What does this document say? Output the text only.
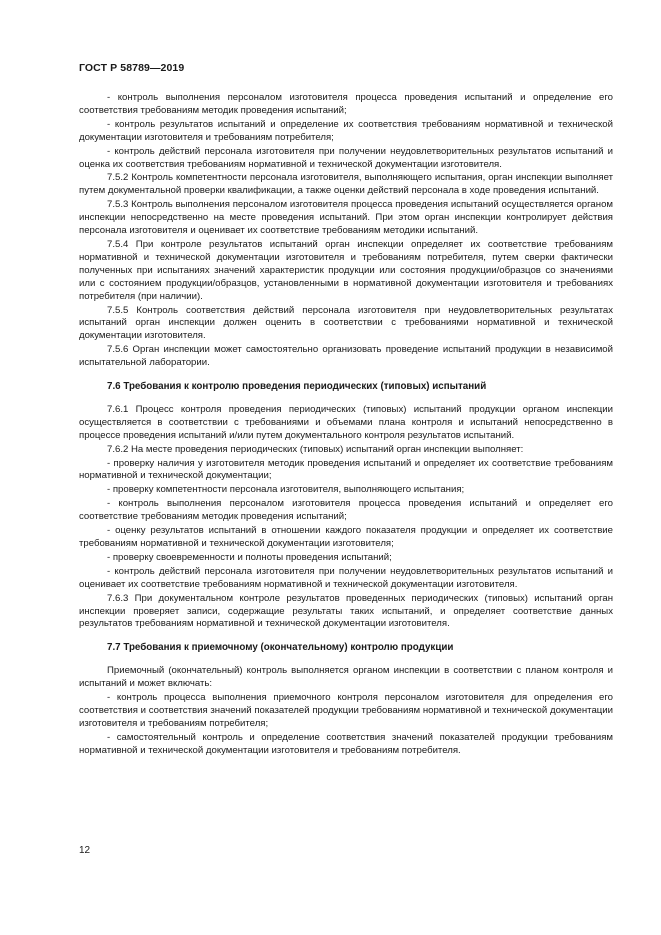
ГОСТ Р 58789—2019

- контроль выполнения персоналом изготовителя процесса проведения испытаний и определение его соответствия требованиям методик проведения испытаний;

- контроль результатов испытаний и определение их соответствия требованиям нормативной и технической документации изготовителя и требованиям потребителя;

- контроль действий персонала изготовителя при получении неудовлетворительных результатов испытаний и оценка их соответствия требованиям нормативной и технической документации изготовителя.

7.5.2 Контроль компетентности персонала изготовителя, выполняющего испытания, орган инспекции выполняет путем документальной проверки квалификации, а также оценки действий персонала в ходе проведения испытаний.

7.5.3 Контроль выполнения персоналом изготовителя процесса проведения испытаний осуществляется органом инспекции непосредственно на месте проведения испытаний. При этом орган инспекции контролирует действия персонала изготовителя и оценивает их соответствие требованиям методики испытаний.

7.5.4 При контроле результатов испытаний орган инспекции определяет их соответствие требованиям нормативной и технической документации изготовителя и требованиям потребителя, путем сверки фактически полученных при испытаниях значений характеристик продукции или состояния продукции/образцов со значениями или с состоянием продукции/образцов, установленными в нормативной документации изготовителя и требованиях потребителя (при наличии).

7.5.5 Контроль соответствия действий персонала изготовителя при неудовлетворительных результатах испытаний орган инспекции должен оценить в соответствии с требованиями нормативной и технической документации изготовителя.

7.5.6 Орган инспекции может самостоятельно организовать проведение испытаний продукции в независимой испытательной лаборатории.

7.6 Требования к контролю проведения периодических (типовых) испытаний

7.6.1 Процесс контроля проведения периодических (типовых) испытаний продукции органом инспекции осуществляется в соответствии с требованиями и объемами плана контроля и испытаний непосредственно в процессе проведения испытаний и/или путем документального контроля результатов испытаний.

7.6.2 На месте проведения периодических (типовых) испытаний орган инспекции выполняет:

- проверку наличия у изготовителя методик проведения испытаний и определяет их соответствие требованиям нормативной и технической документации;

- проверку компетентности персонала изготовителя, выполняющего испытания;

- контроль выполнения персоналом изготовителя процесса проведения испытаний и определяет его соответствие требованиям методик проведения испытаний;

- оценку результатов испытаний в отношении каждого показателя продукции и определяет их соответствие требованиям нормативной и технической документации изготовителя;

- проверку своевременности и полноты проведения испытаний;

- контроль действий персонала изготовителя при получении неудовлетворительных результатов испытаний и оценивает их соответствие требованиям нормативной и технической документации изготовителя.

7.6.3 При документальном контроле результатов проведенных периодических (типовых) испытаний орган инспекции проверяет записи, содержащие результаты таких испытаний, и определяет соответствие данных результатов требованиям нормативной и технической документации изготовителя.

7.7 Требования к приемочному (окончательному) контролю продукции

Приемочный (окончательный) контроль выполняется органом инспекции в соответствии с планом контроля и испытаний и может включать:

- контроль процесса выполнения приемочного контроля персоналом изготовителя для определения его соответствия и соответствия значений показателей продукции требованиям нормативной и технической документации изготовителя и требованиям потребителя;

- самостоятельный контроль и определение соответствия значений показателей продукции требованиям нормативной и технической документации изготовителя и требованиям потребителя.

12
